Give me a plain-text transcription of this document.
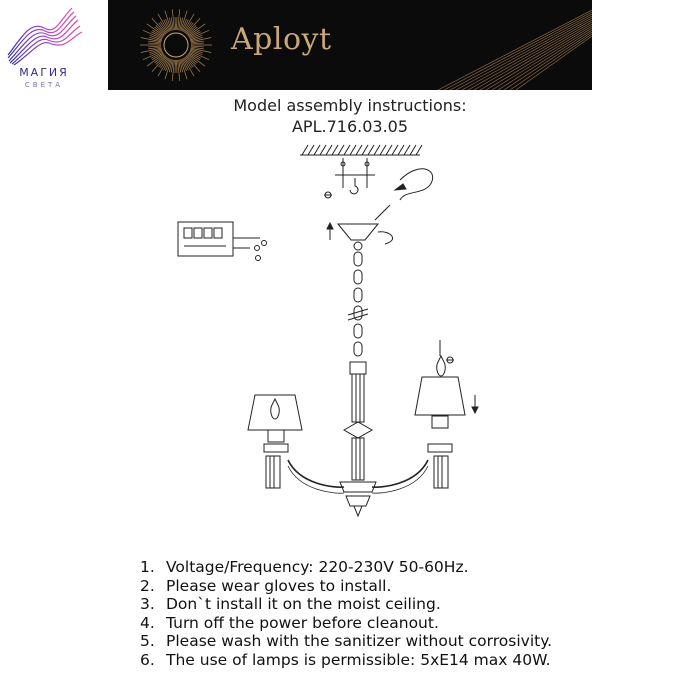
МАГИЯ
СВЕТА
Aployt
Model assembly instructions:
APL.716.03.05
1. Voltage/Frequency: 220-230V 50-60Hz.
2. Please wear gloves to install.
3. Don`t install it on the moist ceiling.
4. Turn off the power before cleanout.
5. Please wash with the sanitizer without corrosivity.
6. The use of lamps is permissible: 5xE14 max 40W.
